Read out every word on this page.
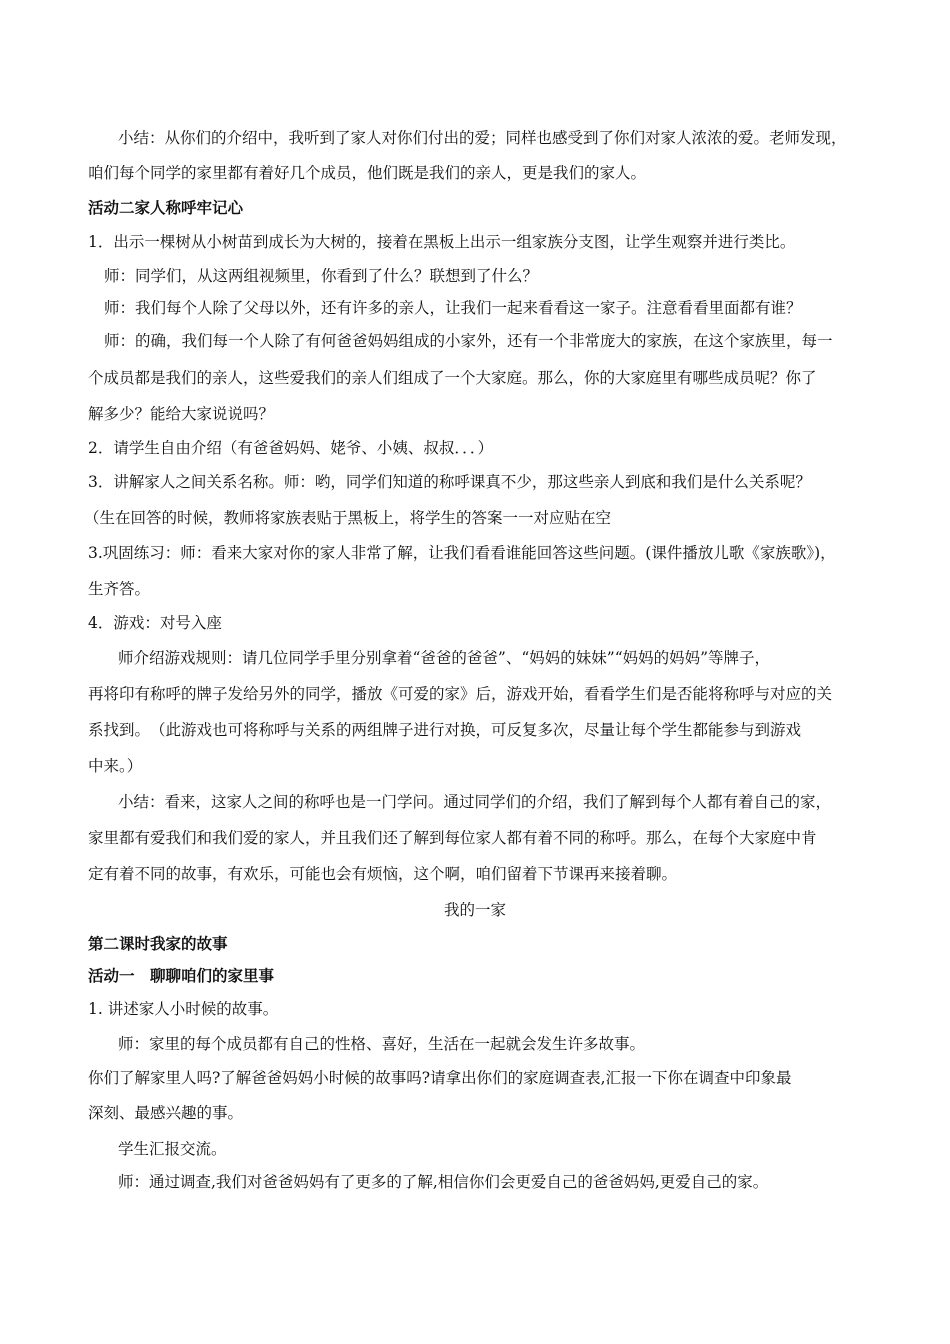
小结：从你们的介绍中，我听到了家人对你们付出的爱；同样也感受到了你们对家人浓浓的爱。老师发现，
咱们每个同学的家里都有着好几个成员，他们既是我们的亲人，更是我们的家人。
活动二家人称呼牢记心
1．出示一棵树从小树苗到成长为大树的，接着在黑板上出示一组家族分支图，让学生观察并进行类比。
师：同学们，从这两组视频里，你看到了什么？联想到了什么？
师：我们每个人除了父母以外，还有许多的亲人，让我们一起来看看这一家子。注意看看里面都有谁？
师：的确，我们每一个人除了有何爸爸妈妈组成的小家外，还有一个非常庞大的家族，在这个家族里，每一
个成员都是我们的亲人，这些爱我们的亲人们组成了一个大家庭。那么，你的大家庭里有哪些成员呢？你了
解多少？能给大家说说吗？
2．请学生自由介绍（有爸爸妈妈、姥爷、小姨、叔叔．．．）
3．讲解家人之间关系名称。师：哟，同学们知道的称呼课真不少，那这些亲人到底和我们是什么关系呢？
（生在回答的时候，教师将家族表贴于黑板上，将学生的答案一一对应贴在空
3.巩固练习：师：看来大家对你的家人非常了解，让我们看看谁能回答这些问题。(课件播放儿歌《家族歌》)，
生齐答。
4．游戏：对号入座
师介绍游戏规则：请几位同学手里分别拿着“爸爸的爸爸”、“妈妈的妹妹”“妈妈的妈妈”等牌子，
再将印有称呼的牌子发给另外的同学，播放《可爱的家》后，游戏开始，看看学生们是否能将称呼与对应的关
系找到。　（此游戏也可将称呼与关系的两组牌子进行对换，可反复多次，尽量让每个学生都能参与到游戏
中来。）
小结：看来，这家人之间的称呼也是一门学问。通过同学们的介绍，我们了解到每个人都有着自己的家，
家里都有爱我们和我们爱的家人，并且我们还了解到每位家人都有着不同的称呼。那么，在每个大家庭中肯
定有着不同的故事，有欢乐，可能也会有烦恼，这个啊，咱们留着下节课再来接着聊。
我的一家
第二课时我家的故事
活动一　聊聊咱们的家里事
1. 讲述家人小时候的故事。
师：家里的每个成员都有自己的性格、喜好，生活在一起就会发生许多故事。
你们了解家里人吗?了解爸爸妈妈小时候的故事吗?请拿出你们的家庭调查表,汇报一下你在调查中印象最
深刻、最感兴趣的事。
学生汇报交流。
师：通过调查,我们对爸爸妈妈有了更多的了解,相信你们会更爱自己的爸爸妈妈,更爱自己的家。
